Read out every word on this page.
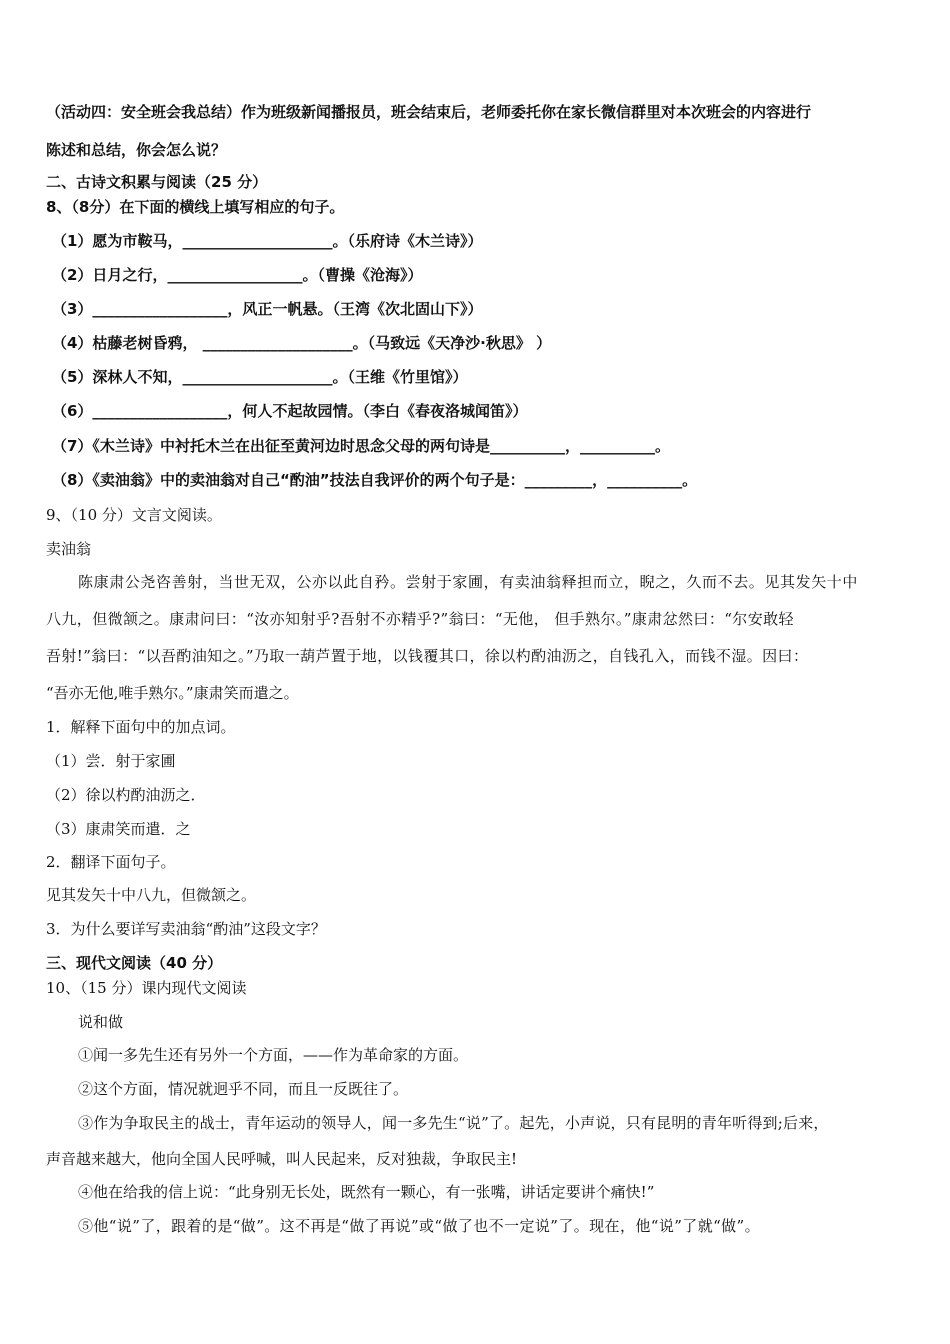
（活动四：安全班会我总结）作为班级新闻播报员，班会结束后，老师委托你在家长微信群里对本次班会的内容进行
陈述和总结，你会怎么说？
二、古诗文积累与阅读（25 分）
8、（8分）在下面的横线上填写相应的句子。
（1）愿为市鞍马，____________________。（乐府诗《木兰诗》）
（2）日月之行，__________________。（曹操《沧海》）
（3）__________________，风正一帆悬。（王湾《次北固山下》）
（4）枯藤老树昏鸦， ____________________。（马致远《天净沙·秋思》 ）
（5）深林人不知，____________________。（王维《竹里馆》）
（6）__________________，何人不起故园情。（李白《春夜洛城闻笛》）
（7）《木兰诗》中衬托木兰在出征至黄河边时思念父母的两句诗是__________，__________。
（8）《卖油翁》中的卖油翁对自己“酌油”技法自我评价的两个句子是：_________，__________。
9、（10 分）文言文阅读。
卖油翁
陈康肃公尧咨善射，当世无双，公亦以此自矜。尝射于家圃，有卖油翁释担而立，睨之，久而不去。见其发矢十中
八九，但微颔之。康肃问曰：“汝亦知射乎?吾射不亦精乎?”翁曰：“无他， 但手熟尔。”康肃忿然曰：“尔安敢轻
吾射!”翁曰：“以吾酌油知之。”乃取一葫芦置于地，以钱覆其口，徐以杓酌油沥之，自钱孔入，而钱不湿。因曰：
“吾亦无他,唯手熟尔。”康肃笑而遣之。
1．解释下面句中的加点词。
（1）尝．射于家圃
（2）徐以杓酌油沥之．
（3）康肃笑而遣．之
2．翻译下面句子。
见其发矢十中八九，但微颔之。
3．为什么要详写卖油翁“酌油”这段文字？
三、现代文阅读（40 分）
10、（15 分）课内现代文阅读
说和做
①闻一多先生还有另外一个方面，——作为革命家的方面。
②这个方面，情况就迥乎不同，而且一反既往了。
③作为争取民主的战士，青年运动的领导人，闻一多先生“说”了。起先，小声说，只有昆明的青年听得到;后来，
声音越来越大，他向全国人民呼喊，叫人民起来，反对独裁，争取民主!
④他在给我的信上说：“此身别无长处，既然有一颗心，有一张嘴，讲话定要讲个痛快!”
⑤他“说”了，跟着的是“做”。这不再是“做了再说”或“做了也不一定说”了。现在，他“说”了就“做”。
